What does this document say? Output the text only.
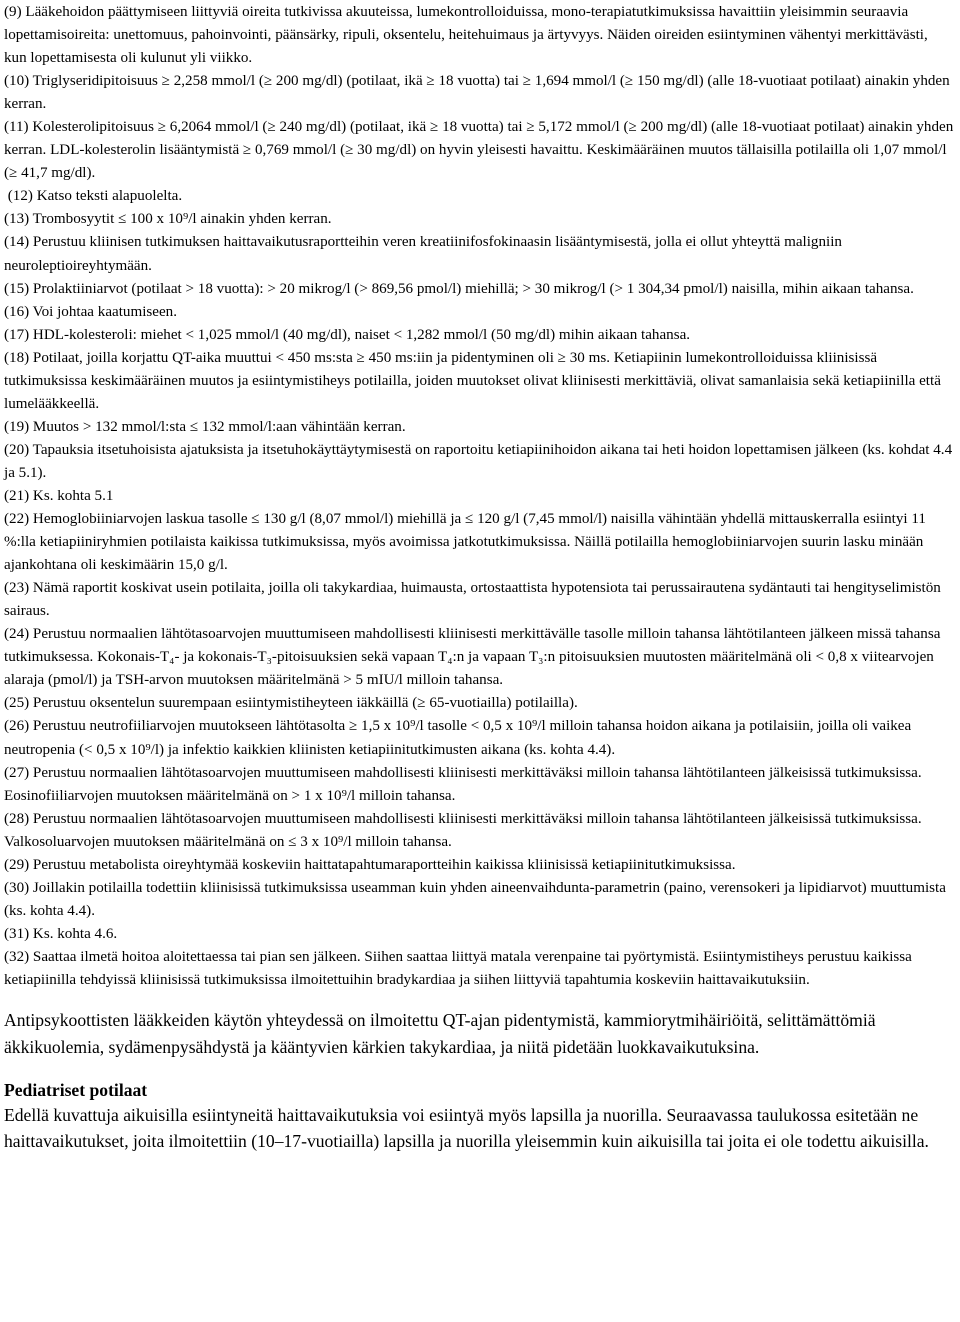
(9) Lääkehoidon päättymiseen liittyviä oireita tutkivissa akuuteissa, lumekontrolloiduissa, mono-terapiatutkimuksissa havaittiin yleisimmin seuraavia lopettamisoireita: unettomuus, pahoinvointi, päänsärky, ripuli, oksentelu, heitehuimaus ja ärtyvyys. Näiden oireiden esiintyminen vähentyi merkittävästi, kun lopettamisesta oli kulunut yli viikko.

(10) Triglyseridipitoisuus ≥ 2,258 mmol/l (≥ 200 mg/dl) (potilaat, ikä ≥ 18 vuotta) tai ≥ 1,694 mmol/l (≥ 150 mg/dl) (alle 18-vuotiaat potilaat) ainakin yhden kerran.

(11) Kolesterolipitoisuus ≥ 6,2064 mmol/l (≥ 240 mg/dl) (potilaat, ikä ≥ 18 vuotta) tai ≥ 5,172 mmol/l (≥ 200 mg/dl) (alle 18-vuotiaat potilaat) ainakin yhden kerran. LDL-kolesterolin lisääntymistä ≥ 0,769 mmol/l (≥ 30 mg/dl) on hyvin yleisesti havaittu. Keskimääräinen muutos tällaisilla potilailla oli 1,07 mmol/l (≥ 41,7 mg/dl).

(12) Katso teksti alapuolelta.

(13) Trombosyytit ≤ 100 x 10⁹/l ainakin yhden kerran.

(14) Perustuu kliinisen tutkimuksen haittavaikutusraportteihin veren kreatiinifosfokinaasin lisääntymisestä, jolla ei ollut yhteyttä maligniin neuroleptioireyhtymään.

(15) Prolaktiiniarvot (potilaat > 18 vuotta): > 20 mikrog/l (> 869,56 pmol/l) miehillä; > 30 mikrog/l (> 1 304,34 pmol/l) naisilla, mihin aikaan tahansa.

(16) Voi johtaa kaatumiseen.

(17) HDL-kolesteroli: miehet < 1,025 mmol/l (40 mg/dl), naiset < 1,282 mmol/l (50 mg/dl) mihin aikaan tahansa.

(18) Potilaat, joilla korjattu QT-aika muuttui < 450 ms:sta ≥ 450 ms:iin ja pidentyminen oli ≥ 30 ms. Ketiapiinin lumekontrolloiduissa kliinisissä tutkimuksissa keskimääräinen muutos ja esiintymistiheys potilailla, joiden muutokset olivat kliinisesti merkittäviä, olivat samanlaisia sekä ketiapiinilla että lumelääkkeellä.

(19) Muutos > 132 mmol/l:sta ≤ 132 mmol/l:aan vähintään kerran.

(20) Tapauksia itsetuhoisista ajatuksista ja itsetuhokäyttäytymisestä on raportoitu ketiapiinihoidon aikana tai heti hoidon lopettamisen jälkeen (ks. kohdat 4.4 ja 5.1).

(21) Ks. kohta 5.1

(22) Hemoglobiiniarvojen laskua tasolle ≤ 130 g/l (8,07 mmol/l) miehillä ja ≤ 120 g/l (7,45 mmol/l) naisilla vähintään yhdellä mittauskerralla esiintyi 11 %:lla ketiapiiniryhmien potilaista kaikissa tutkimuksissa, myös avoimissa jatkotutkimuksissa. Näillä potilailla hemoglobiiniarvojen suurin lasku minään ajankohtana oli keskimäärin 15,0 g/l.

(23) Nämä raportit koskivat usein potilaita, joilla oli takykardiaa, huimausta, ortostaattista hypotensiota tai perussairautena sydäntauti tai hengityselimistön sairaus.

(24) Perustuu normaalien lähtötasoarvojen muuttumiseen mahdollisesti kliinisesti merkittävälle tasolle milloin tahansa lähtötilanteen jälkeen missä tahansa tutkimuksessa. Kokonais-T₄- ja kokonais-T₃-pitoisuuksien sekä vapaan T₄:n ja vapaan T₃:n pitoisuuksien muutosten määritelmänä oli < 0,8 x viitearvojen alaraja (pmol/l) ja TSH-arvon muutoksen määritelmänä > 5 mIU/l milloin tahansa.

(25) Perustuu oksentelun suurempaan esiintymistiheyteen iäkkäillä (≥ 65-vuotiailla) potilailla).

(26) Perustuu neutrofiiliarvojen muutokseen lähtötasolta ≥ 1,5 x 10⁹/l tasolle < 0,5 x 10⁹/l milloin tahansa hoidon aikana ja potilaisiin, joilla oli vaikea neutropenia (< 0,5 x 10⁹/l) ja infektio kaikkien kliinisten ketiapiinitutkimusten aikana (ks. kohta 4.4).

(27) Perustuu normaalien lähtötasoarvojen muuttumiseen mahdollisesti kliinisesti merkittäväksi milloin tahansa lähtötilanteen jälkeisissä tutkimuksissa. Eosinofiiliarvojen muutoksen määritelmänä on > 1 x 10⁹/l milloin tahansa.

(28) Perustuu normaalien lähtötasoarvojen muuttumiseen mahdollisesti kliinisesti merkittäväksi milloin tahansa lähtötilanteen jälkeisissä tutkimuksissa. Valkosoluarvojen muutoksen määritelmänä on ≤ 3 x 10⁹/l milloin tahansa.

(29) Perustuu metabolista oireyhtymää koskeviin haittatapahtumaraportteihin kaikissa kliinisissä ketiapiinitutkimuksissa.

(30) Joillakin potilailla todettiin kliinisissä tutkimuksissa useamman kuin yhden aineenvaihdunta-parametrin (paino, verensokeri ja lipidiarvot) muuttumista (ks. kohta 4.4).

(31) Ks. kohta 4.6.

(32) Saattaa ilmetä hoitoa aloitettaessa tai pian sen jälkeen. Siihen saattaa liittyä matala verenpaine tai pyörtymistä. Esiintymistiheys perustuu kaikissa ketiapiinilla tehdyissä kliinisissä tutkimuksissa ilmoitettuihin bradykardiaa ja siihen liittyviä tapahtumia koskeviin haittavaikutuksiin.

Antipsykoottisten lääkkeiden käytön yhteydessä on ilmoitettu QT-ajan pidentymistä, kammiorytmihäiriöitä, selittämättömiä äkkikuolemia, sydämenpysähdystä ja kääntyvien kärkien takykardiaa, ja niitä pidetään luokkavaikutuksina.

Pediatriset potilaat

Edellä kuvattuja aikuisilla esiintyneitä haittavaikutuksia voi esiintyä myös lapsilla ja nuorilla. Seuraavassa taulukossa esitetään ne haittavaikutukset, joita ilmoitettiin (10–17-vuotiailla) lapsilla ja nuorilla yleisemmin kuin aikuisilla tai joita ei ole todettu aikuisilla.
